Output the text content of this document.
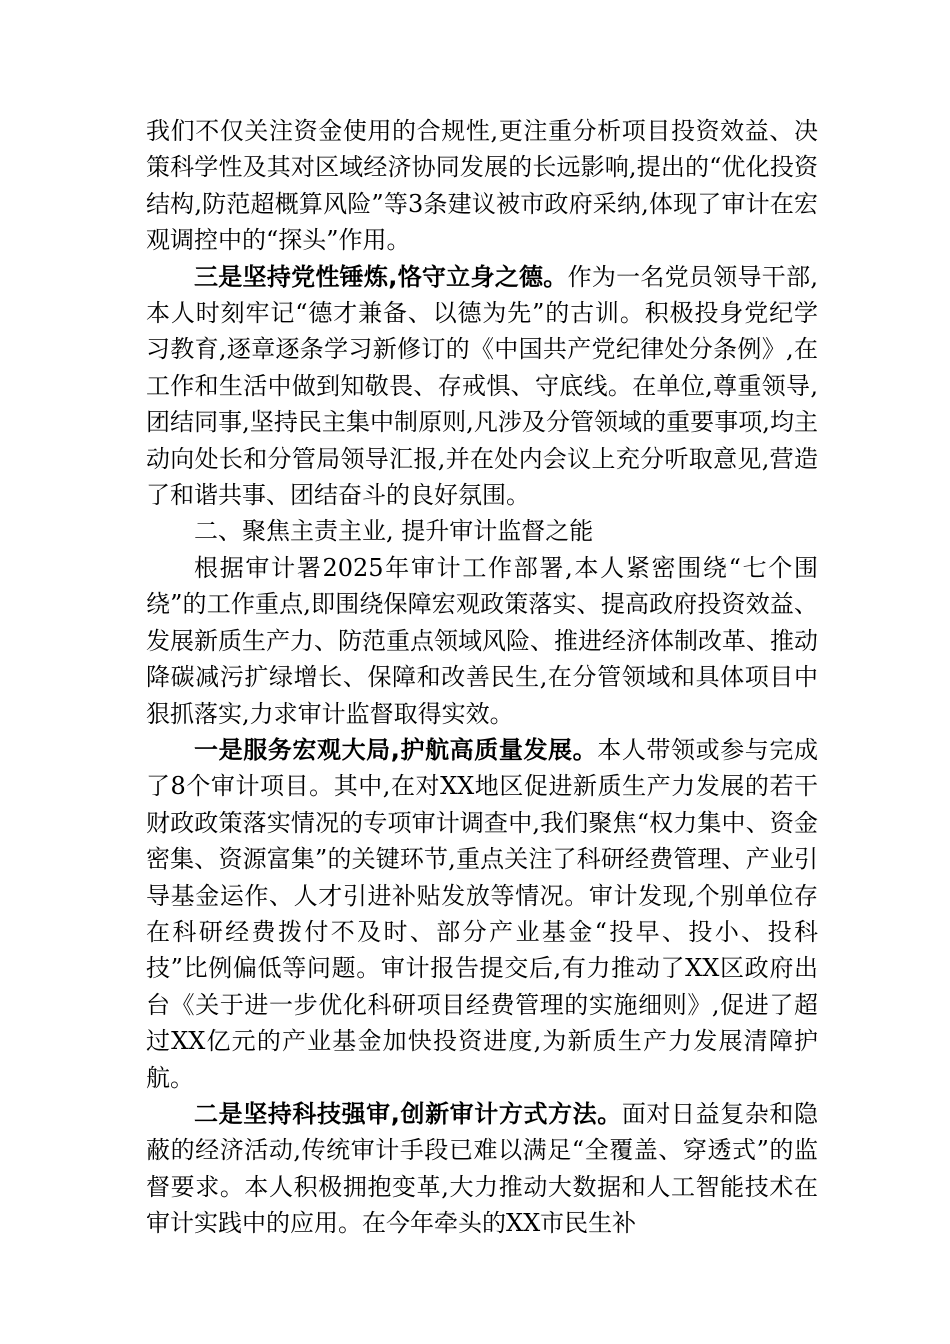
我们不仅关注资金使用的合规性,更注重分析项目投资效益、决策科学性及其对区域经济协同发展的长远影响,提出的“优化投资结构,防范超概算风险”等3条建议被市政府采纳,体现了审计在宏观调控中的“探头”作用。

三是坚持党性锤炼,恪守立身之德。作为一名党员领导干部,本人时刻牢记“德才兼备、以德为先”的古训。积极投身党纪学习教育,逐章逐条学习新修订的《中国共产党纪律处分条例》,在工作和生活中做到知敬畏、存戒惧、守底线。在单位,尊重领导,团结同事,坚持民主集中制原则,凡涉及分管领域的重要事项,均主动向处长和分管局领导汇报,并在处内会议上充分听取意见,营造了和谐共事、团结奋斗的良好氛围。

二、聚焦主责主业, 提升审计监督之能

根据审计署2025年审计工作部署,本人紧密围绕“七个围绕”的工作重点,即围绕保障宏观政策落实、提高政府投资效益、发展新质生产力、防范重点领域风险、推进经济体制改革、推动降碳减污扩绿增长、保障和改善民生,在分管领域和具体项目中狠抓落实,力求审计监督取得实效。

一是服务宏观大局,护航高质量发展。本人带领或参与完成了8个审计项目。其中,在对XX地区促进新质生产力发展的若干财政政策落实情况的专项审计调查中,我们聚焦“权力集中、资金密集、资源富集”的关键环节,重点关注了科研经费管理、产业引导基金运作、人才引进补贴发放等情况。审计发现,个别单位存在科研经费拨付不及时、部分产业基金“投早、投小、投科技”比例偏低等问题。审计报告提交后,有力推动了XX区政府出台《关于进一步优化科研项目经费管理的实施细则》,促进了超过XX亿元的产业基金加快投资进度,为新质生产力发展清障护航。

二是坚持科技强审,创新审计方式方法。面对日益复杂和隐蔽的经济活动,传统审计手段已难以满足“全覆盖、穿透式”的监督要求。本人积极拥抱变革,大力推动大数据和人工智能技术在审计实践中的应用。在今年牵头的XX市民生补
